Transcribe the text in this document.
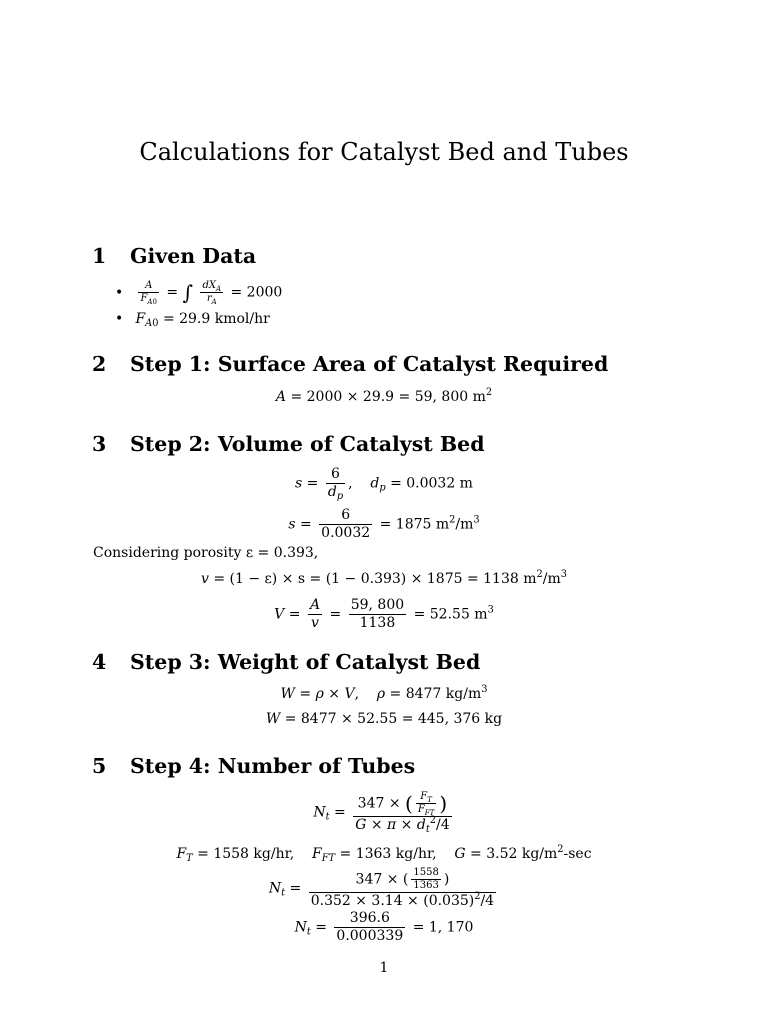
Calculations for Catalyst Bed and Tubes
1 Given Data
• $\frac{A}{F_{A0}}$ = ∫ $\frac{dX_A}{r_A} = 2000$
• $F_{A0} = 29.9$ kmol/hr
2 Step 1: Surface Area of Catalyst Required
A = 2000 × 29.9 = 59, 800 $m^2$
3 Step 2: Volume of Catalyst Bed
$s = \frac{6}{d_p}$ ,    $d_p = 0.0032$ m
$s = \frac{6}{0.0032} = 1875$ $m^2/m^3$
Considering porosity ε = 0.393,
v = (1 − ε) × s = (1 − 0.393) × 1875 = 1138 $m^2/m^3$
$V = \frac{A}{v} = \frac{59, 800}{1138} = 52.55$ $m^3$
4 Step 3: Weight of Catalyst Bed
W = ρ × V,    ρ = 8477 $kg/m^3$
W = 8477 × 52.55 = 445, 376 kg
5 Step 4: Number of Tubes
$N_t = \frac{347 \times ( \frac{F_T}{F_{FT}} )}{G \times \pi \times d_t^2/4}$
$F_T = 1558$ kg/hr, $F_{FT} = 1363$ kg/hr, G = 3.52 $kg/m^2-\sec$
$N_t = \frac{347 \times ( \frac{1558}{1363} )}{0.352 \times 3.14 \times (0.035)^2/4}$
$N_t = \frac{396.6}{0.000339} = 1$, 170
1
